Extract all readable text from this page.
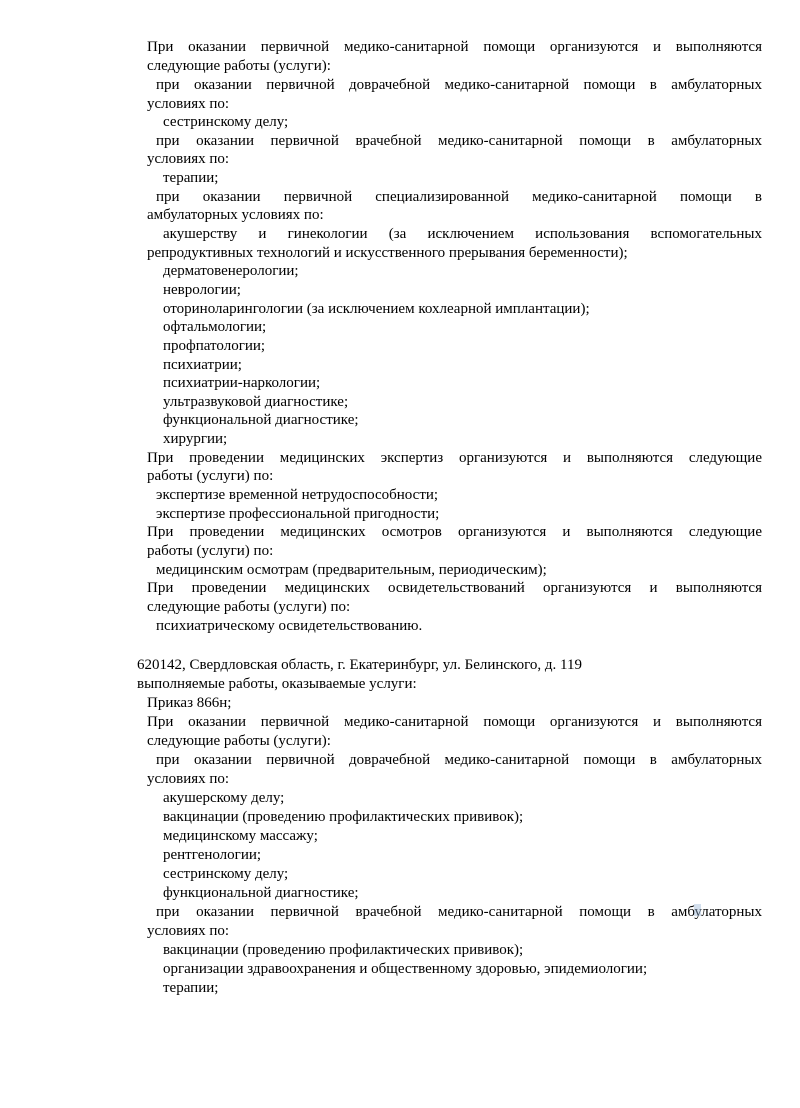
При оказании первичной медико-санитарной помощи организуются и выполняются
следующие работы (услуги):
при оказании первичной доврачебной медико-санитарной помощи в амбулаторных
условиях по:
сестринскому делу;
при оказании первичной врачебной медико-санитарной помощи в амбулаторных
условиях по:
терапии;
при оказании первичной специализированной медико-санитарной помощи в
амбулаторных условиях по:
акушерству и гинекологии (за исключением использования вспомогательных
репродуктивных технологий и искусственного прерывания беременности);
дерматовенерологии;
неврологии;
оториноларингологии (за исключением кохлеарной имплантации);
офтальмологии;
профпатологии;
психиатрии;
психиатрии-наркологии;
ультразвуковой диагностике;
функциональной диагностике;
хирургии;
При проведении медицинских экспертиз организуются и выполняются следующие
работы (услуги) по:
экспертизе временной нетрудоспособности;
экспертизе профессиональной пригодности;
При проведении медицинских осмотров организуются и выполняются следующие
работы (услуги) по:
медицинским осмотрам (предварительным, периодическим);
При проведении медицинских освидетельствований организуются и выполняются
следующие работы (услуги) по:
психиатрическому освидетельствованию.
620142, Свердловская область, г. Екатеринбург, ул. Белинского, д. 119
выполняемые работы, оказываемые услуги:
Приказ 866н;
При оказании первичной медико-санитарной помощи организуются и выполняются
следующие работы (услуги):
при оказании первичной доврачебной медико-санитарной помощи в амбулаторных
условиях по:
акушерскому делу;
вакцинации (проведению профилактических прививок);
медицинскому массажу;
рентгенологии;
сестринскому делу;
функциональной диагностике;
при оказании первичной врачебной медико-санитарной помощи в амбулаторных
условиях по:
вакцинации (проведению профилактических прививок);
организации здравоохранения и общественному здоровью, эпидемиологии;
терапии;
